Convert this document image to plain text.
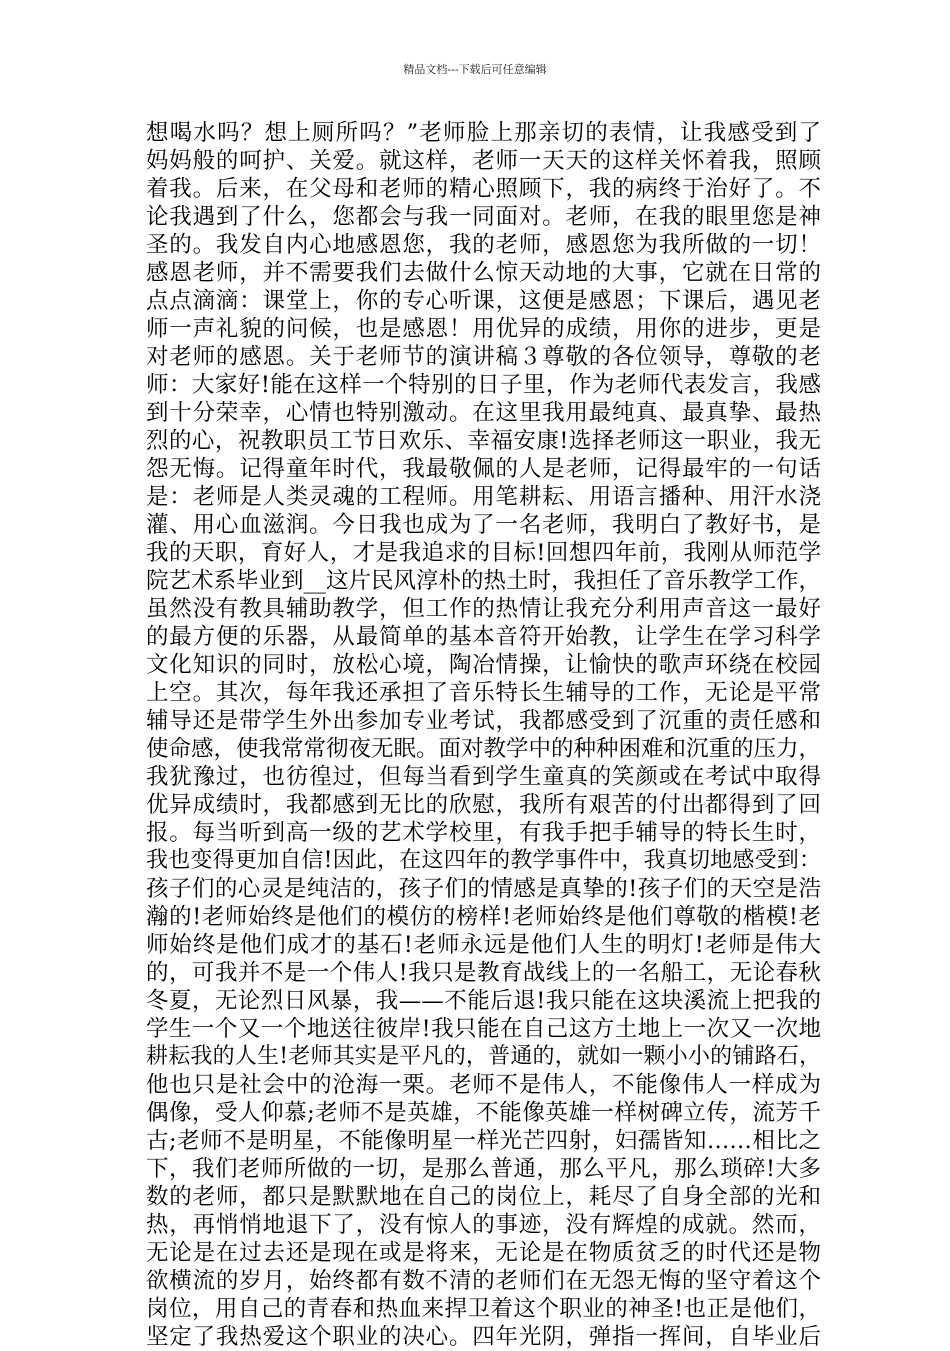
精品文档---下载后可任意编辑
想喝水吗？想上厕所吗？”老师脸上那亲切的表情，让我感受到了
妈妈般的呵护、关爱。就这样，老师一天天的这样关怀着我，照顾
着我。后来，在父母和老师的精心照顾下，我的病终于治好了。不
论我遇到了什么，您都会与我一同面对。老师，在我的眼里您是神
圣的。我发自内心地感恩您，我的老师，感恩您为我所做的一切！
感恩老师，并不需要我们去做什么惊天动地的大事，它就在日常的
点点滴滴：课堂上，你的专心听课，这便是感恩；下课后，遇见老
师一声礼貌的问候，也是感恩！用优异的成绩，用你的进步，更是
对老师的感恩。关于老师节的演讲稿３尊敬的各位领导，尊敬的老
师：大家好!能在这样一个特别的日子里，作为老师代表发言，我感
到十分荣幸，心情也特别激动。在这里我用最纯真、最真挚、最热
烈的心，祝教职员工节日欢乐、幸福安康!选择老师这一职业，我无
怨无悔。记得童年时代，我最敬佩的人是老师，记得最牢的一句话
是：老师是人类灵魂的工程师。用笔耕耘、用语言播种、用汗水浇
灌、用心血滋润。今日我也成为了一名老师，我明白了教好书，是
我的天职，育好人，才是我追求的目标!回想四年前，我刚从师范学
院艺术系毕业到__这片民风淳朴的热土时，我担任了音乐教学工作，
虽然没有教具辅助教学，但工作的热情让我充分利用声音这一最好
的最方便的乐器，从最简单的基本音符开始教，让学生在学习科学
文化知识的同时，放松心境，陶冶情操，让愉快的歌声环绕在校园
上空。其次，每年我还承担了音乐特长生辅导的工作，无论是平常
辅导还是带学生外出参加专业考试，我都感受到了沉重的责任感和
使命感，使我常常彻夜无眠。面对教学中的种种困难和沉重的压力，
我犹豫过，也彷徨过，但每当看到学生童真的笑颜或在考试中取得
优异成绩时，我都感到无比的欣慰，我所有艰苦的付出都得到了回
报。每当听到高一级的艺术学校里，有我手把手辅导的特长生时，
我也变得更加自信!因此，在这四年的教学事件中，我真切地感受到：
孩子们的心灵是纯洁的，孩子们的情感是真挚的!孩子们的天空是浩
瀚的!老师始终是他们的模仿的榜样!老师始终是他们尊敬的楷模!老
师始终是他们成才的基石!老师永远是他们人生的明灯!老师是伟大
的，可我并不是一个伟人!我只是教育战线上的一名船工，无论春秋
冬夏，无论烈日风暴，我——不能后退!我只能在这块溪流上把我的
学生一个又一个地送往彼岸!我只能在自己这方土地上一次又一次地
耕耘我的人生!老师其实是平凡的，普通的，就如一颗小小的铺路石，
他也只是社会中的沧海一栗。老师不是伟人，不能像伟人一样成为
偶像，受人仰慕;老师不是英雄，不能像英雄一样树碑立传，流芳千
古;老师不是明星，不能像明星一样光芒四射，妇孺皆知……相比之
下，我们老师所做的一切，是那么普通，那么平凡，那么琐碎!大多
数的老师，都只是默默地在自己的岗位上，耗尽了自身全部的光和
热，再悄悄地退下了，没有惊人的事迹，没有辉煌的成就。然而，
无论是在过去还是现在或是将来，无论是在物质贫乏的时代还是物
欲横流的岁月，始终都有数不清的老师们在无怨无悔的坚守着这个
岗位，用自己的青春和热血来捍卫着这个职业的神圣!也正是他们，
坚定了我热爱这个职业的决心。四年光阴，弹指一挥间，自毕业后
